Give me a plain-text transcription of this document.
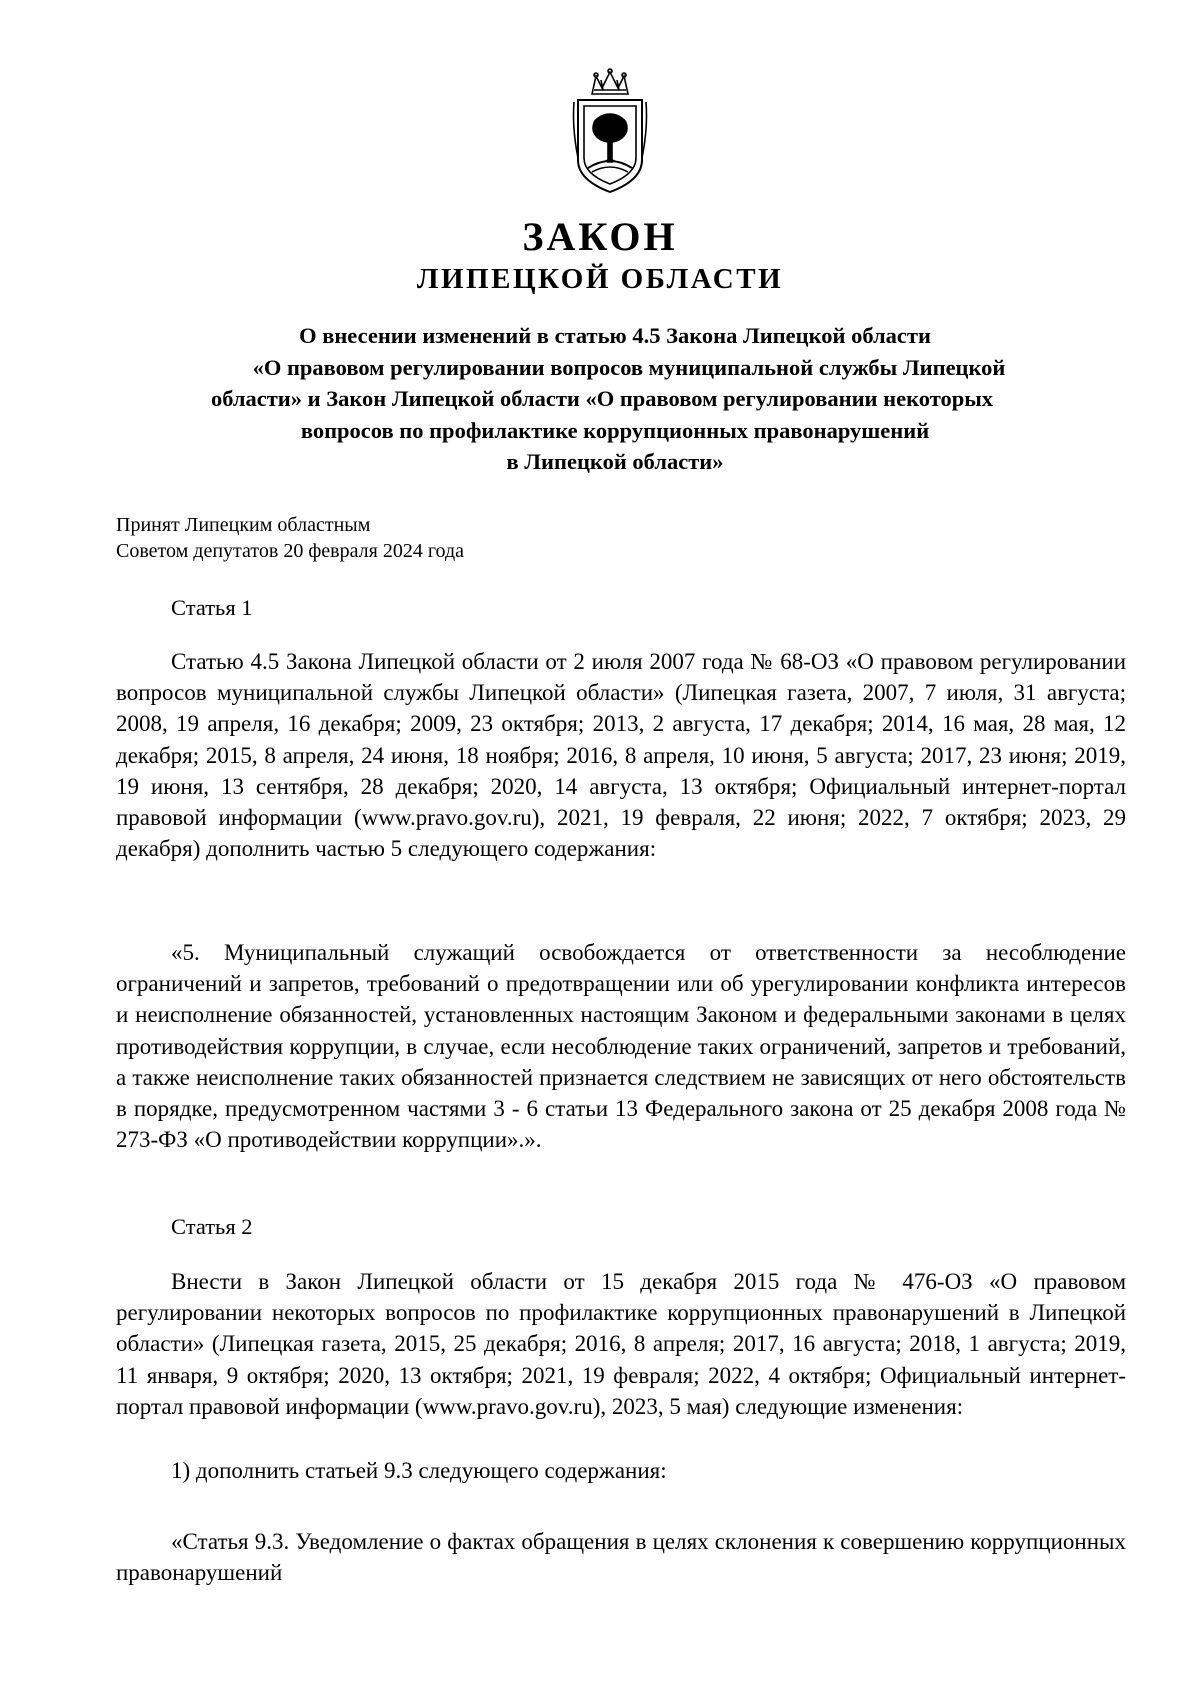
ЗАКОН
ЛИПЕЦКОЙ ОБЛАСТИ
О внесении изменений в статью 4.5 Закона Липецкой области
«О правовом регулировании вопросов муниципальной службы Липецкой
области» и Закон Липецкой области «О правовом регулировании некоторых
вопросов по профилактике коррупционных правонарушений
в Липецкой области»
Принят Липецким областным
Советом депутатов 20 февраля 2024 года
Статья 1
Статью 4.5 Закона Липецкой области от 2 июля 2007 года № 68-ОЗ «О правовом регулировании вопросов муниципальной службы Липецкой области» (Липецкая газета, 2007, 7 июля, 31 августа; 2008, 19 апреля, 16 декабря; 2009, 23 октября; 2013, 2 августа, 17 декабря; 2014, 16 мая, 28 мая, 12 декабря; 2015, 8 апреля, 24 июня, 18 ноября; 2016, 8 апреля, 10 июня, 5 августа; 2017, 23 июня; 2019, 19 июня, 13 сентября, 28 декабря; 2020, 14 августа, 13 октября; Официальный интернет-портал правовой информации (www.pravo.gov.ru), 2021, 19 февраля, 22 июня; 2022, 7 октября; 2023, 29 декабря) дополнить частью 5 следующего содержания:
«5. Муниципальный служащий освобождается от ответственности за несоблюдение ограничений и запретов, требований о предотвращении или об урегулировании конфликта интересов и неисполнение обязанностей, установленных настоящим Законом и федеральными законами в целях противодействия коррупции, в случае, если несоблюдение таких ограничений, запретов и требований, а также неисполнение таких обязанностей признается следствием не зависящих от него обстоятельств в порядке, предусмотренном частями 3 - 6 статьи 13 Федерального закона от 25 декабря 2008 года № 273-ФЗ «О противодействии коррупции».».
Статья 2
Внести в Закон Липецкой области от 15 декабря 2015 года № 476-ОЗ «О правовом регулировании некоторых вопросов по профилактике коррупционных правонарушений в Липецкой области» (Липецкая газета, 2015, 25 декабря; 2016, 8 апреля; 2017, 16 августа; 2018, 1 августа; 2019, 11 января, 9 октября; 2020, 13 октября; 2021, 19 февраля; 2022, 4 октября; Официальный интернет-портал правовой информации (www.pravo.gov.ru), 2023, 5 мая) следующие изменения:
1) дополнить статьей 9.3 следующего содержания:
«Статья 9.3. Уведомление о фактах обращения в целях склонения к совершению коррупционных правонарушений
